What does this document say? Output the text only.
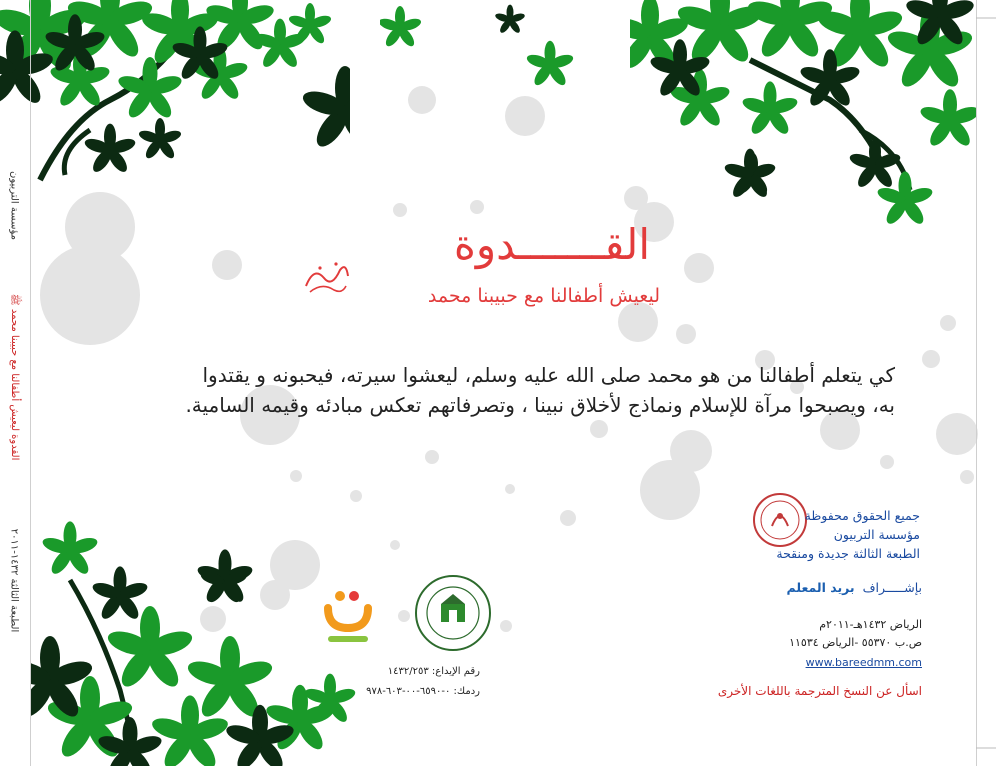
مؤسسة التربيون
القدوة ليعيش أطفالنا مع حبيبنا محمد ﷺ
الطبعة الثالثة ١٤٣٢-٢٠١١
القـــــــدوة
ليعيش أطفالنا مع حبيبنا محمد
كي يتعلم أطفالنا من هو محمد صلى الله عليه وسلم، ليعشوا سيرته، فيحبونه و يقتدوا
به، ويصبحوا مرآة للإسلام ونماذج لأخلاق نبينا ، وتصرفاتهم تعكس مبادئه وقيمه السامية.
جميع الحقوق محفوظة
مؤسسة التربيون
الطبعة الثالثة جديدة ومنقحة
بإشـــــراف بريد المعلم
الرياض ١٤٣٢هـ-٢٠١١م
ص.ب ٥٥٣٧٠ -الرياض ١١٥٣٤
www.bareedmm.com
اسأل عن النسخ المترجمة باللغات الأخرى
رقم الإيداع: ١٤٣٢/٢٥٣
ردمك: ٠-٦٥٩٠-٠٠-٦٠٣-٩٧٨
